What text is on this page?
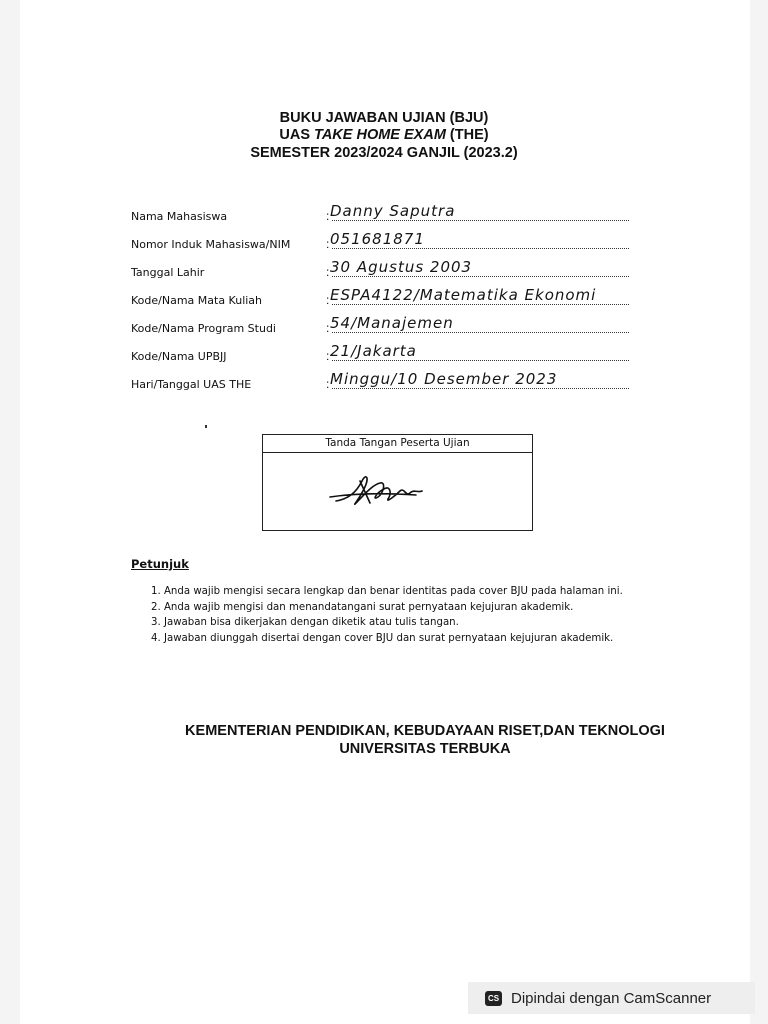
BUKU JAWABAN UJIAN (BJU)
UAS TAKE HOME EXAM (THE)
SEMESTER 2023/2024 GANJIL (2023.2)
Nama Mahasiswa	: Danny Saputra
Nomor Induk Mahasiswa/NIM	: 051681871
Tanggal Lahir	: 30 Agustus 2003
Kode/Nama Mata Kuliah	: ESPA4122/Matematika Ekonomi
Kode/Nama Program Studi	: 54/Manajemen
Kode/Nama UPBJJ	: 21/Jakarta
Hari/Tanggal UAS THE	: Minggu/10 Desember 2023
Tanda Tangan Peserta Ujian
Petunjuk
1. Anda wajib mengisi secara lengkap dan benar identitas pada cover BJU pada halaman ini.
2. Anda wajib mengisi dan menandatangani surat pernyataan kejujuran akademik.
3. Jawaban bisa dikerjakan dengan diketik atau tulis tangan.
4. Jawaban diunggah disertai dengan cover BJU dan surat pernyataan kejujuran akademik.
KEMENTERIAN PENDIDIKAN, KEBUDAYAAN RISET,DAN TEKNOLOGI
UNIVERSITAS TERBUKA
CS Dipindai dengan CamScanner
